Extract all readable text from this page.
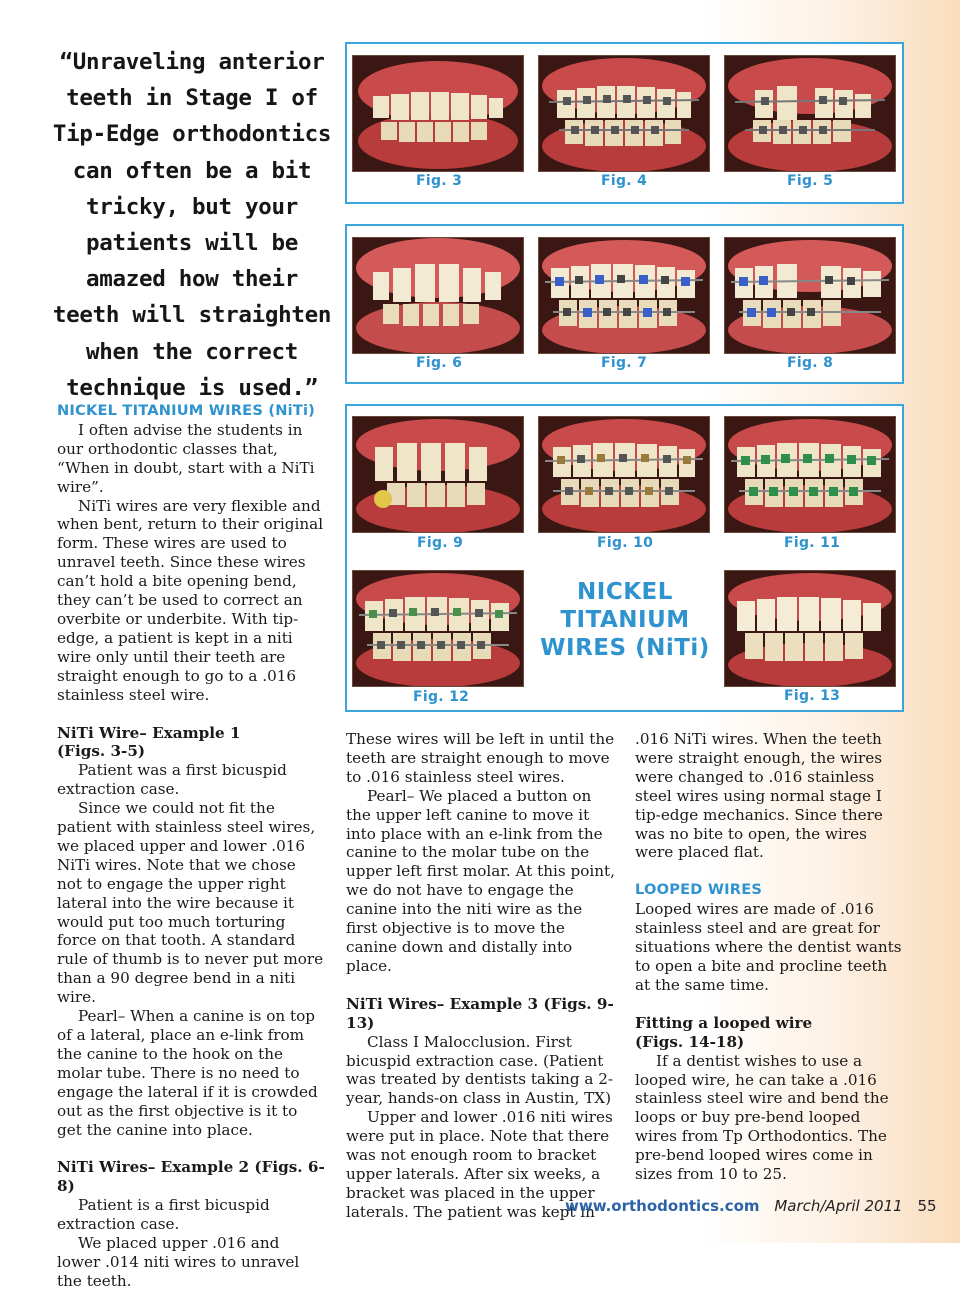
“Unraveling anterior teeth in Stage I of Tip-Edge orthodontics can often be a bit tricky, but your patients will be amazed how their teeth will straighten when the correct technique is used.”
Fig. 3	Fig. 4	Fig. 5
Fig. 6	Fig. 7	Fig. 8
Fig. 9	Fig. 10	Fig. 11
Fig. 12	Fig. 13
NICKEL
TITANIUM
WIRES (NiTi)

NICKEL TITANIUM WIRES (NiTi)

I often advise the students in our orthodontic classes that, “When in doubt, start with a NiTi wire”.

NiTi wires are very flexible and when bent, return to their original form. These wires are used to unravel teeth. Since these wires can’t hold a bite opening bend, they can’t be used to correct an overbite or underbite. With tip-edge, a patient is kept in a niti wire only until their teeth are straight enough to go to a .016 stainless steel wire.

NiTi Wire– Example 1

(Figs. 3-5)

Patient was a first bicuspid extraction case.

Since we could not fit the patient with stainless steel wires, we placed upper and lower .016 NiTi wires. Note that we chose not to engage the upper right lateral into the wire because it would put too much torturing force on that tooth. A standard rule of thumb is to never put more than a 90 degree bend in a niti wire.

Pearl– When a canine is on top of a lateral, place an e-link from the canine to the hook on the molar tube. There is no need to engage the lateral if it is crowded out as the first objective is it to get the canine into place.

NiTi Wires– Example 2 (Figs. 6-8)

Patient is a first bicuspid extraction case.

We placed upper .016 and lower .014 niti wires to unravel the teeth.

These wires will be left in until the teeth are straight enough to move to .016 stainless steel wires.

Pearl– We placed a button on the upper left canine to move it into place with an e-link from the canine to the molar tube on the upper left first molar. At this point, we do not have to engage the canine into the niti wire as the first objective is to move the canine down and distally into place.

NiTi Wires– Example 3 (Figs. 9-13)

Class I Malocclusion. First bicuspid extraction case. (Patient was treated by dentists taking a 2-year, hands-on class in Austin, TX)

Upper and lower .016 niti wires were put in place. Note that there was not enough room to bracket upper laterals. After six weeks, a bracket was placed in the upper laterals. The patient was kept in

.016 NiTi wires. When the teeth were straight enough, the wires were changed to .016 stainless steel wires using normal stage I tip-edge mechanics. Since there was no bite to open, the wires were placed flat.

LOOPED WIRES

Looped wires are made of .016 stainless steel and are great for situations where the dentist wants to open a bite and procline teeth at the same time.

Fitting a looped wire

(Figs. 14-18)

If a dentist wishes to use a looped wire, he can take a .016 stainless steel wire and bend the loops or buy pre-bend looped wires from Tp Orthodontics. The pre-bend looped wires come in sizes from 10 to 25.

www.orthodontics.com March/April 2011 55
